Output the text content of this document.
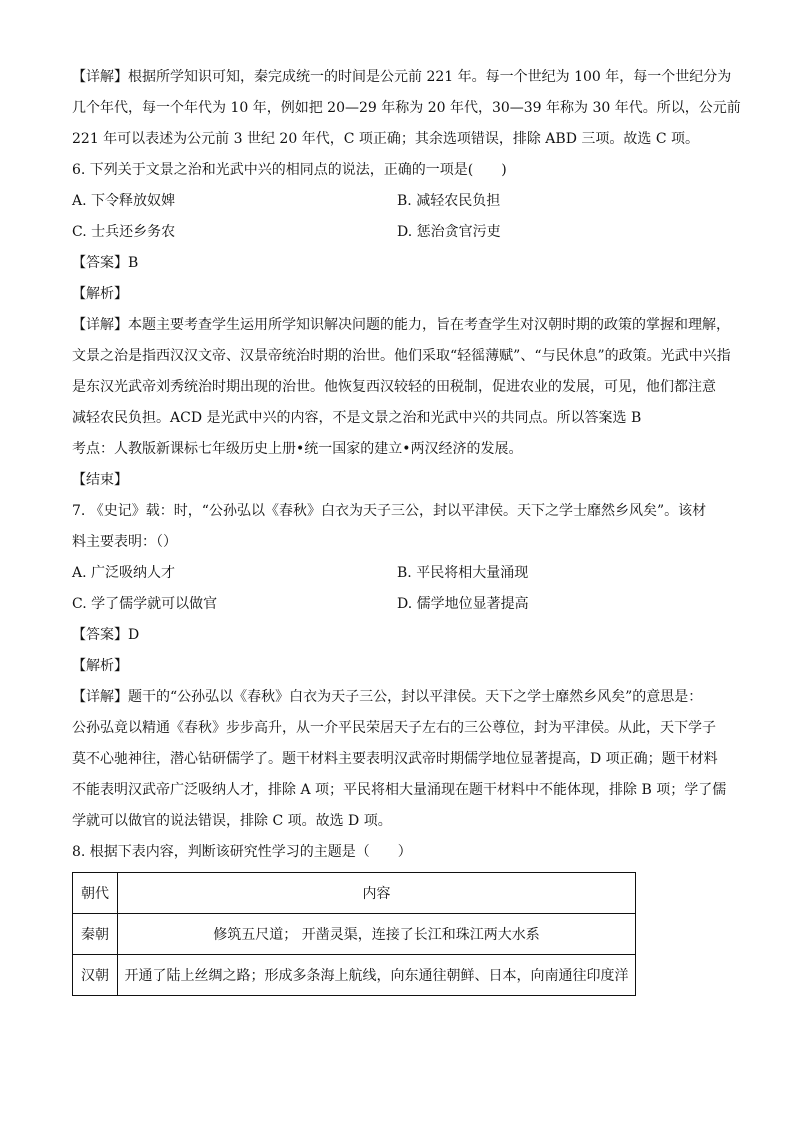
【详解】根据所学知识可知，秦完成统一的时间是公元前 221 年。每一个世纪为 100 年，每一个世纪分为
几个年代，每一个年代为 10 年，例如把 20—29 年称为 20 年代，30—39 年称为 30 年代。所以，公元前
221 年可以表述为公元前 3 世纪 20 年代，C 项正确；其余选项错误，排除 ABD 三项。故选 C 项。
6. 下列关于文景之治和光武中兴的相同点的说法，正确的一项是(　　)
A. 下令释放奴婢	B. 减轻农民负担
C. 士兵还乡务农	D. 惩治贪官污吏
【答案】B
【解析】
【详解】本题主要考查学生运用所学知识解决问题的能力，旨在考查学生对汉朝时期的政策的掌握和理解，
文景之治是指西汉汉文帝、汉景帝统治时期的治世。他们采取“轻徭薄赋”、“与民休息”的政策。光武中兴指
是东汉光武帝刘秀统治时期出现的治世。他恢复西汉较轻的田税制，促进农业的发展，可见，他们都注意
减轻农民负担。ACD 是光武中兴的内容，不是文景之治和光武中兴的共同点。所以答案选 B
考点：人教版新课标七年级历史上册•统一国家的建立•两汉经济的发展。
【结束】
7. 《史记》载：时，“公孙弘以《春秋》白衣为天子三公，封以平津侯。天下之学士靡然乡风矣”。该材
料主要表明：（）
A. 广泛吸纳人才	B. 平民将相大量涌现
C. 学了儒学就可以做官	D. 儒学地位显著提高
【答案】D
【解析】
【详解】题干的“公孙弘以《春秋》白衣为天子三公，封以平津侯。天下之学士靡然乡风矣”的意思是：
公孙弘竟以精通《春秋》步步高升，从一介平民荣居天子左右的三公尊位，封为平津侯。从此，天下学子
莫不心驰神往，潜心钻研儒学了。题干材料主要表明汉武帝时期儒学地位显著提高，D 项正确；题干材料
不能表明汉武帝广泛吸纳人才，排除 A 项；平民将相大量涌现在题干材料中不能体现，排除 B 项；学了儒
学就可以做官的说法错误，排除 C 项。故选 D 项。
8. 根据下表内容，判断该研究性学习的主题是（　　）
朝代	内容
秦朝	修筑五尺道； 开凿灵渠，连接了长江和珠江两大水系
汉朝	开通了陆上丝绸之路；形成多条海上航线，向东通往朝鲜、日本，向南通往印度洋
